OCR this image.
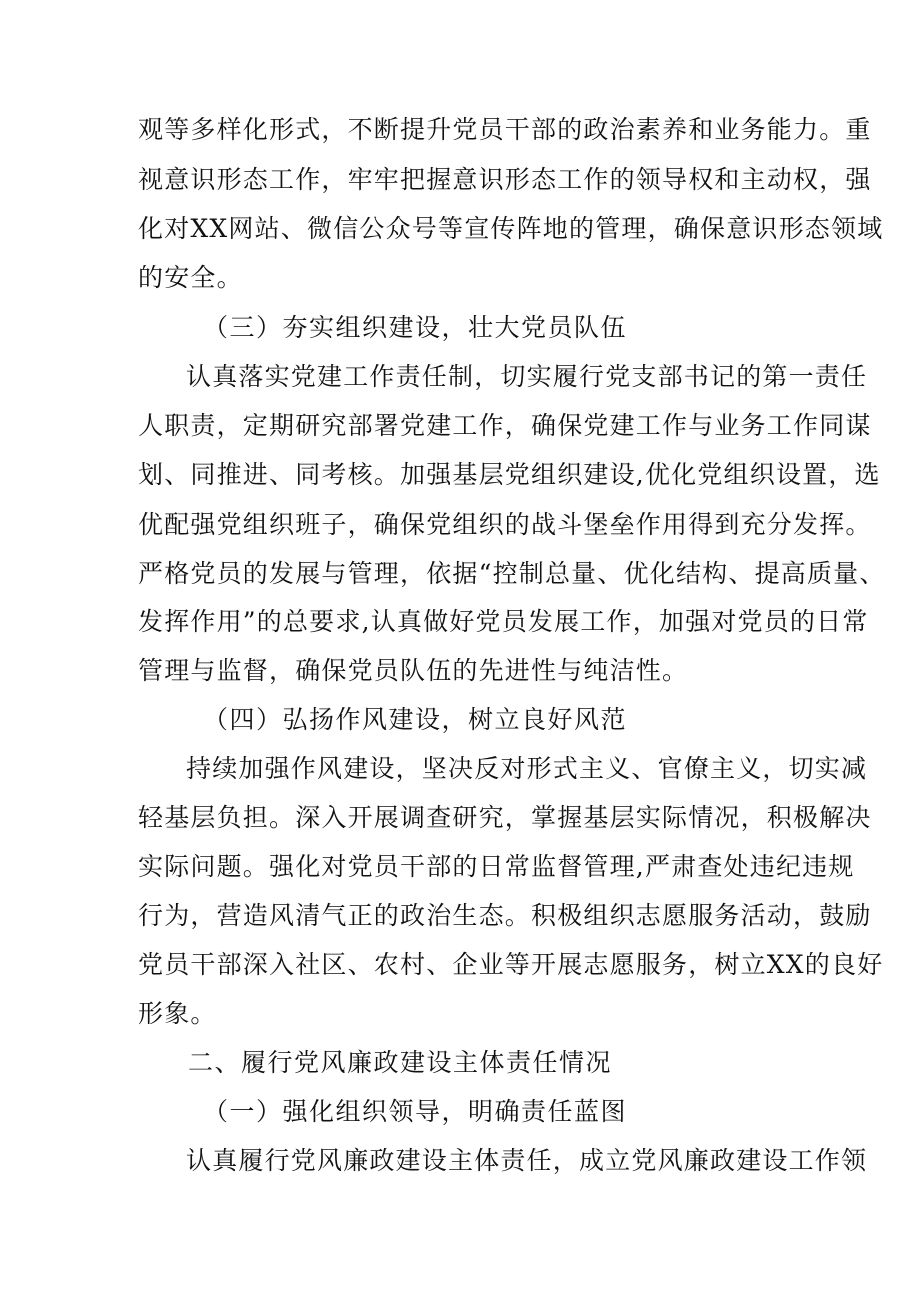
观等多样化形式，不断提升党员干部的政治素养和业务能力。重
视意识形态工作，牢牢把握意识形态工作的领导权和主动权，强
化对XX网站、微信公众号等宣传阵地的管理，确保意识形态领域
的安全。
（三）夯实组织建设，壮大党员队伍
认真落实党建工作责任制，切实履行党支部书记的第一责任
人职责，定期研究部署党建工作，确保党建工作与业务工作同谋
划、同推进、同考核。加强基层党组织建设,优化党组织设置，选
优配强党组织班子，确保党组织的战斗堡垒作用得到充分发挥。
严格党员的发展与管理，依据“控制总量、优化结构、提高质量、
发挥作用”的总要求,认真做好党员发展工作，加强对党员的日常
管理与监督，确保党员队伍的先进性与纯洁性。
（四）弘扬作风建设，树立良好风范
持续加强作风建设，坚决反对形式主义、官僚主义，切实减
轻基层负担。深入开展调查研究，掌握基层实际情况，积极解决
实际问题。强化对党员干部的日常监督管理,严肃查处违纪违规
行为，营造风清气正的政治生态。积极组织志愿服务活动，鼓励
党员干部深入社区、农村、企业等开展志愿服务，树立XX的良好
形象。
二、履行党风廉政建设主体责任情况
（一）强化组织领导，明确责任蓝图
认真履行党风廉政建设主体责任，成立党风廉政建设工作领
